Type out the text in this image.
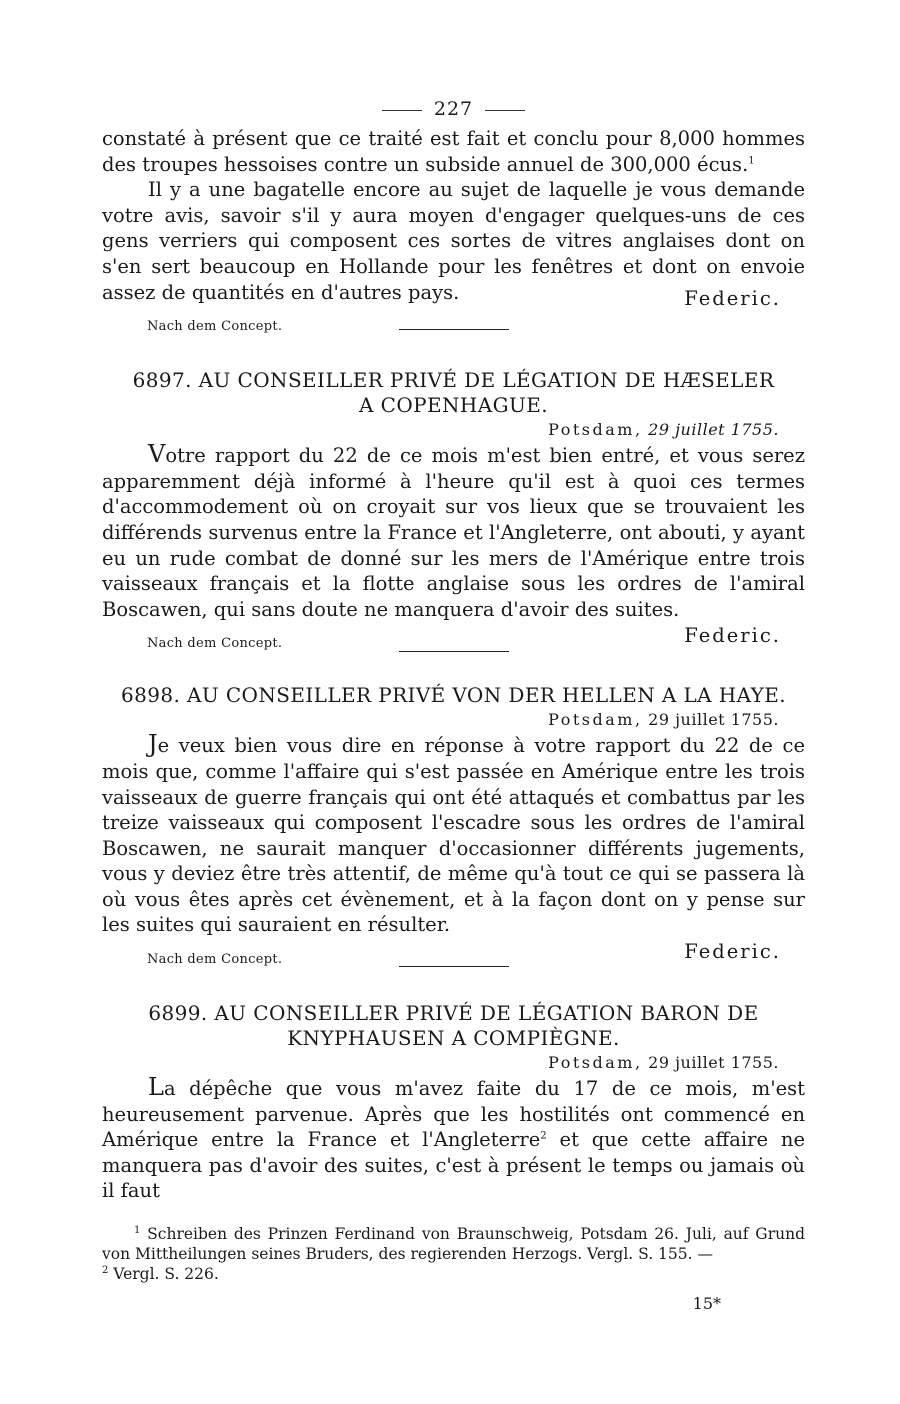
227

constaté à présent que ce traité est fait et conclu pour 8,000 hommes des troupes hessoises contre un subside annuel de 300,000 écus.$^1$

Il y a une bagatelle encore au sujet de laquelle je vous demande votre avis, savoir s'il y aura moyen d'engager quelques-uns de ces gens verriers qui composent ces sortes de vitres anglaises dont on s'en sert beaucoup en Hollande pour les fenêtres et dont on envoie assez de quantités en d'autres pays.

Nach dem Concept.
Federic.
6897. AU CONSEILLER PRIVÉ DE LÉGATION DE HÆSELER
A COPENHAGUE.
Potsdam, 29 juillet 1755.

Votre rapport du 22 de ce mois m'est bien entré, et vous serez apparemment déjà informé à l'heure qu'il est à quoi ces termes d'accommodement où on croyait sur vos lieux que se trouvaient les différends survenus entre la France et l'Angleterre, ont abouti, y ayant eu un rude combat de donné sur les mers de l'Amérique entre trois vaisseaux français et la flotte anglaise sous les ordres de l'amiral Boscawen, qui sans doute ne manquera d'avoir des suites.

Nach dem Concept.	Federic.
6898. AU CONSEILLER PRIVÉ VON DER HELLEN A LA HAYE.
Potsdam, 29 juillet 1755.

Je veux bien vous dire en réponse à votre rapport du 22 de ce mois que, comme l'affaire qui s'est passée en Amérique entre les trois vaisseaux de guerre français qui ont été attaqués et combattus par les treize vaisseaux qui composent l'escadre sous les ordres de l'amiral Boscawen, ne saurait manquer d'occasionner différents jugements, vous y deviez être très attentif, de même qu'à tout ce qui se passera là où vous êtes après cet évènement, et à la façon dont on y pense sur les suites qui sauraient en résulter.

Nach dem Concept.	Federic.
6899. AU CONSEILLER PRIVÉ DE LÉGATION BARON DE
KNYPHAUSEN A COMPIÈGNE.
Potsdam, 29 juillet 1755.

La dépêche que vous m'avez faite du 17 de ce mois, m'est heureusement parvenue. Après que les hostilités ont commencé en Amérique entre la France et l'Angleterre$^2$ et que cette affaire ne manquera pas d'avoir des suites, c'est à présent le temps ou jamais où il faut

$^1$ Schreiben des Prinzen Ferdinand von Braunschweig, Potsdam 26. Juli, auf Grund von Mittheilungen seines Bruders, des regierenden Herzogs. Vergl. S. 155. —
$^2$ Vergl. S. 226.
15*
